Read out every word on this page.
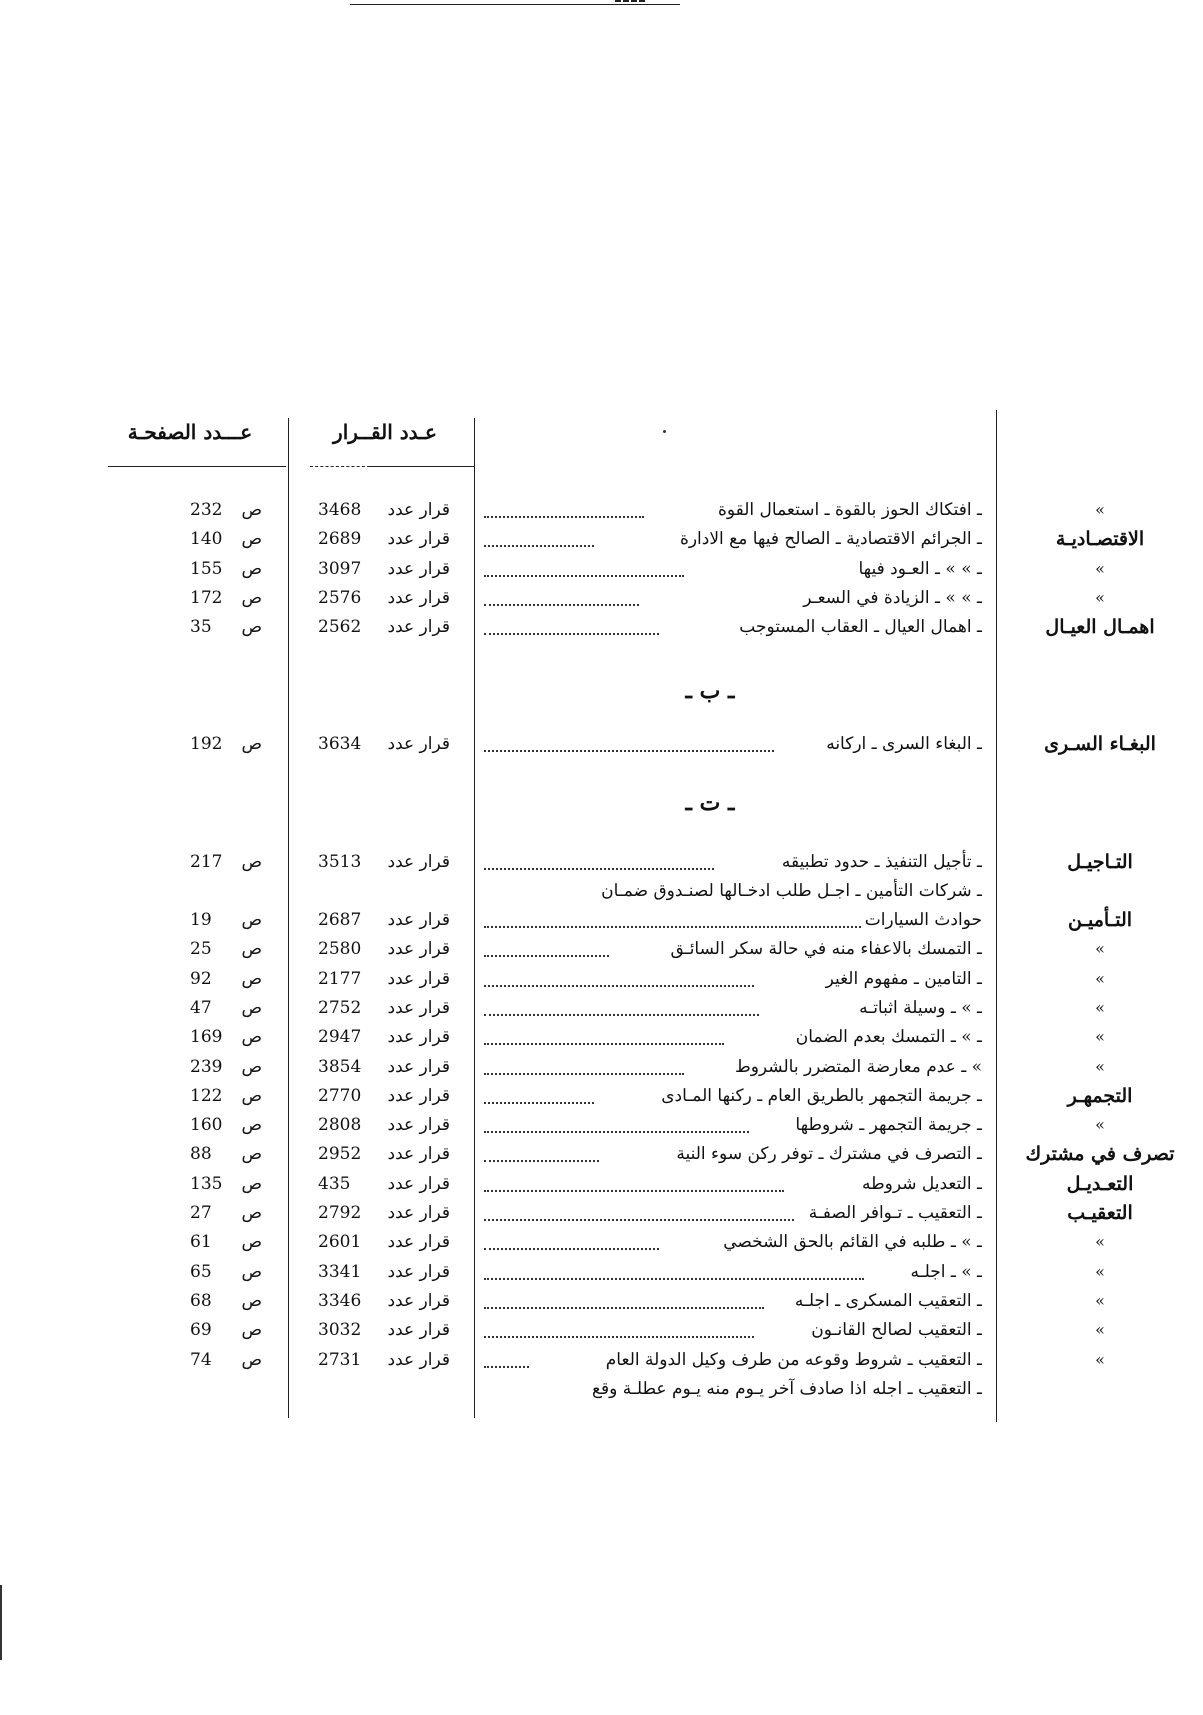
عـــدد الصفحـة	عـدد القــرار
»
ـ افتكاك الحوز بالقوة ـ استعمال القوة
قرار عدد
3468
ص
232
الاقتصـاديـة
ـ الجرائم الاقتصادية ـ الصالح فيها مع الادارة
قرار عدد
2689
ص
140
»
ـ » » ـ العـود فيها
قرار عدد
3097
ص
155
»
ـ » » ـ الزيادة في السعـر
قرار عدد
2576
ص
172
اهمـال العيـال
ـ اهمال العيال ـ العقاب المستوجب
قرار عدد
2562
ص
35
ـ ب ـ
البغـاء السـرى
ـ البغاء السرى ـ اركانه
قرار عدد
3634
ص
192
ـ ت ـ
التـاجيـل
ـ تأجيل التنفيذ ـ حدود تطبيقه
قرار عدد
3513
ص
217
ـ شركات التأمين ـ اجـل طلب ادخـالها لصنـدوق ضمـان
التـأميـن
حوادث السيارات
قرار عدد
2687
ص
19
»
ـ التمسك بالاعفاء منه في حالة سكر السائـق
قرار عدد
2580
ص
25
»
ـ التامين ـ مفهوم الغير
قرار عدد
2177
ص
92
»
ـ » ـ وسيلة اثباتـه
قرار عدد
2752
ص
47
»
ـ » ـ التمسك بعدم الضمان
قرار عدد
2947
ص
169
»
» ـ عدم معارضة المتضرر بالشروط
قرار عدد
3854
ص
239
التجمهـر
ـ جريمة التجمهر بالطريق العام ـ ركنها المـادى
قرار عدد
2770
ص
122
»
ـ جريمة التجمهر ـ شروطها
قرار عدد
2808
ص
160
تصرف في مشترك
ـ التصرف في مشترك ـ توفر ركن سوء النية
قرار عدد
2952
ص
88
التعـديـل
ـ التعديل شروطه
قرار عدد
435
ص
135
التعقيـب
ـ التعقيب ـ تـوافر الصفـة
قرار عدد
2792
ص
27
»
ـ » ـ طلبه في القائم بالحق الشخصي
قرار عدد
2601
ص
61
»
ـ » ـ اجلـه
قرار عدد
3341
ص
65
»
ـ التعقيب المسكرى ـ اجلـه
قرار عدد
3346
ص
68
»
ـ التعقيب لصالح القانـون
قرار عدد
3032
ص
69
»
ـ التعقيب ـ شروط وقوعه من طرف وكيل الدولة العام
قرار عدد
2731
ص
74
ـ التعقيب ـ اجله اذا صادف آخر يـوم منه يـوم عطلـة وقع
